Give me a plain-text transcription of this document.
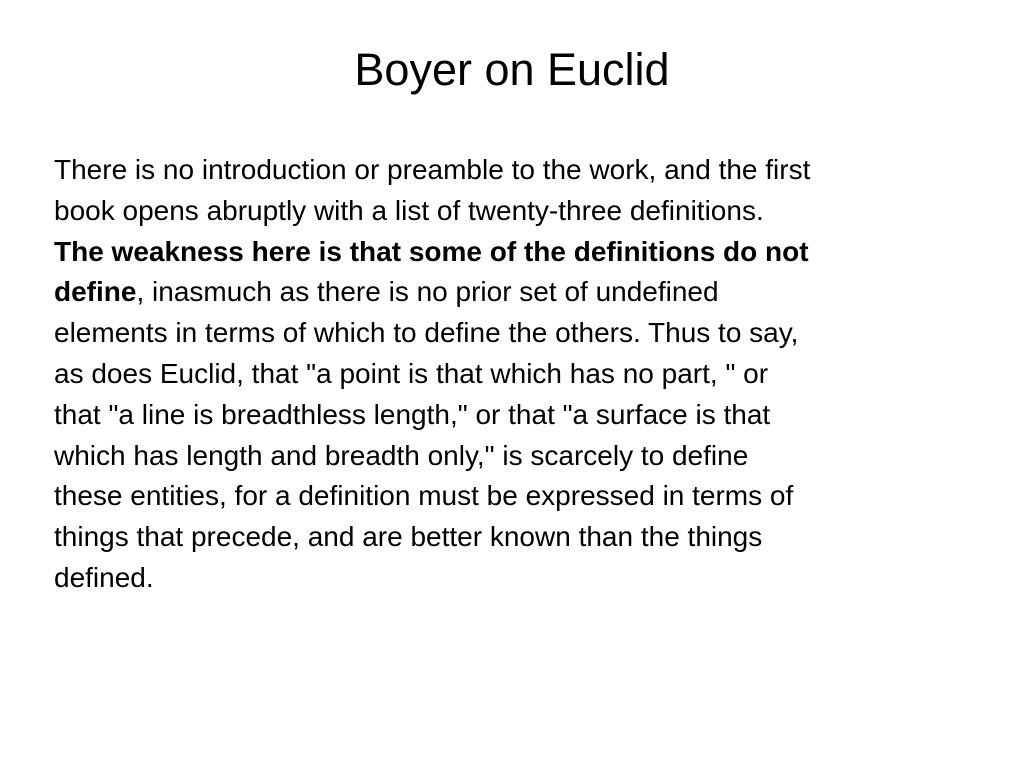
Boyer on Euclid
There is no introduction or preamble to the work, and the first
book opens abruptly with a list of twenty-three definitions.
The weakness here is that some of the definitions do not
define, inasmuch as there is no prior set of undefined
elements in terms of which to define the others. Thus to say,
as does Euclid, that "a point is that which has no part, " or
that "a line is breadthless length," or that "a surface is that
which has length and breadth only," is scarcely to define
these entities, for a definition must be expressed in terms of
things that precede, and are better known than the things
defined.
